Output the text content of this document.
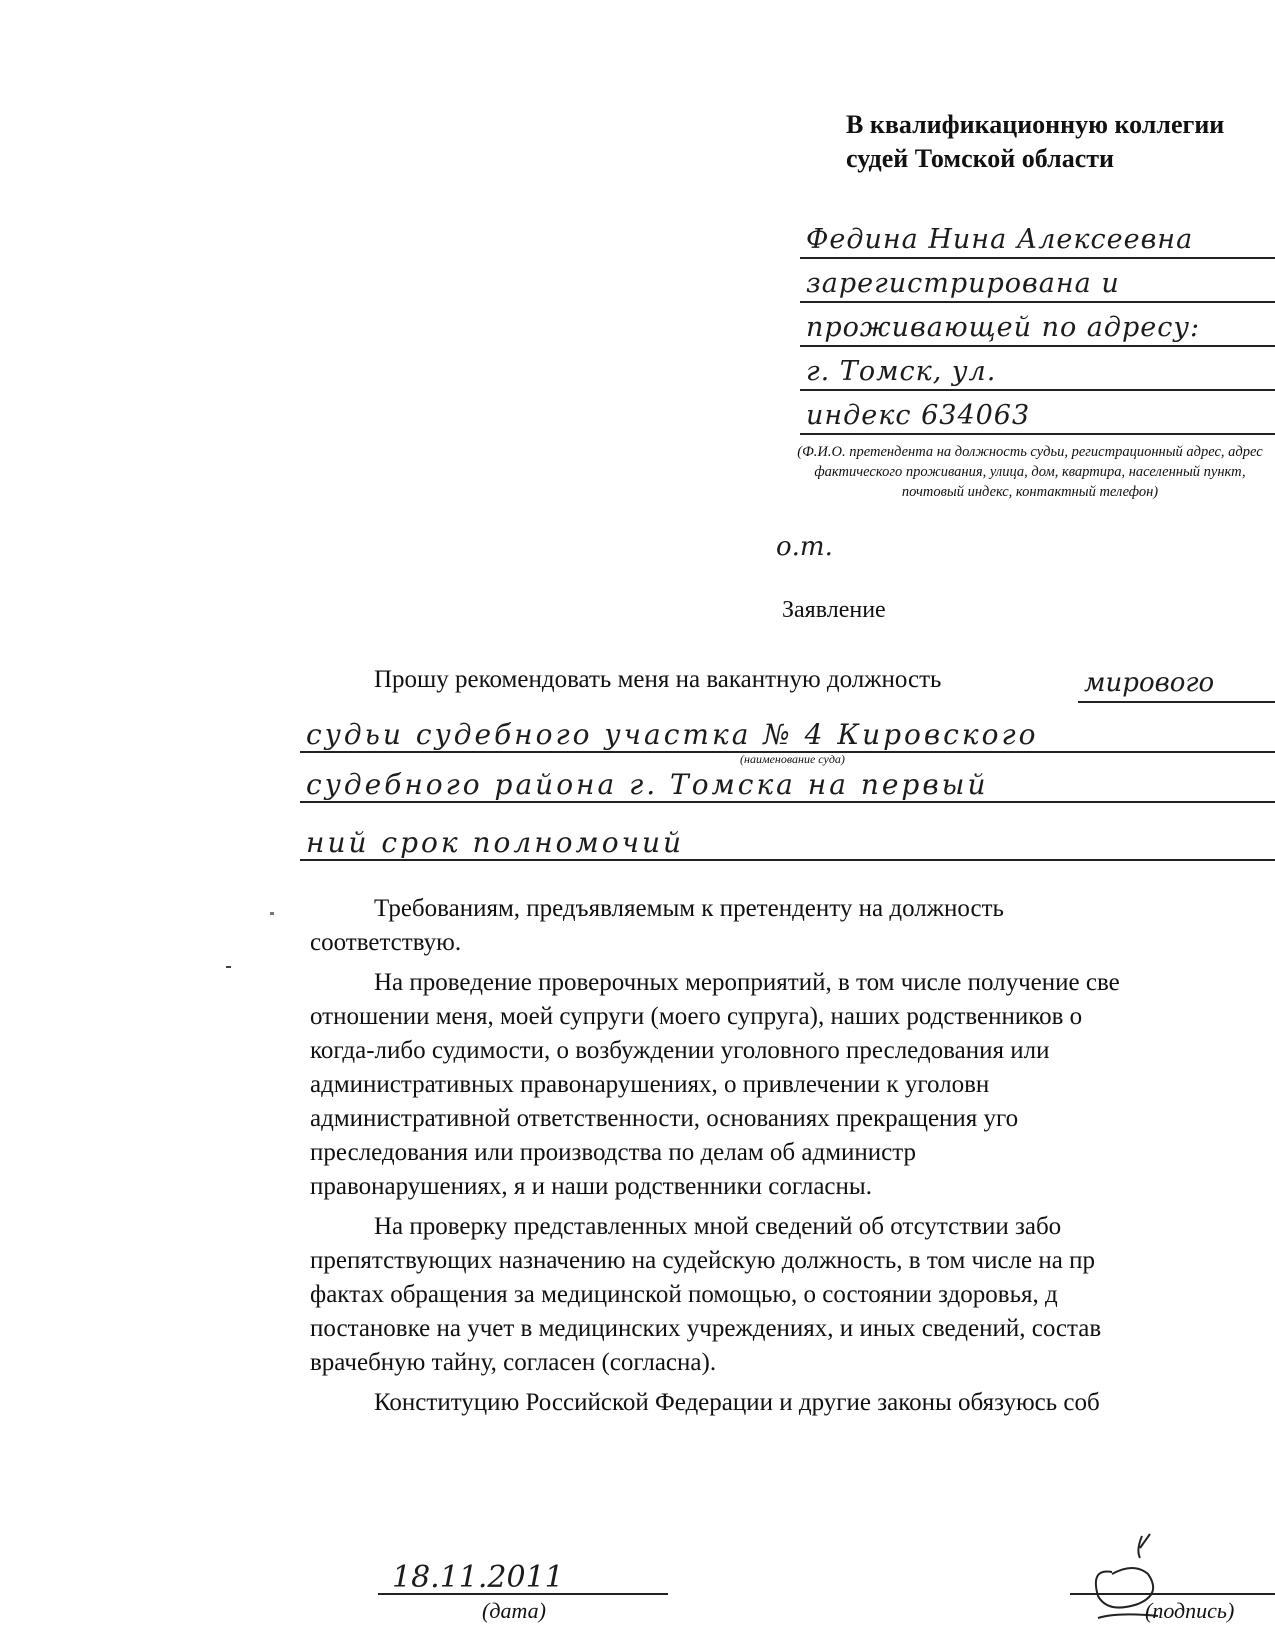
В квалификационную коллегии
судей Томской области
Федина Нина Алексеевна
зарегистрирована и
проживающей по адресу:
г. Томск, ул.
индекс 634063
(Ф.И.О. претендента на должность судьи, регистрационный адрес, адрес фактического проживания, улица, дом, квартира, населенный пункт, почтовый индекс, контактный телефон)
о.т.
Заявление
Прошу рекомендовать меня на вакантную должность	мирового
судьи судебного участка № 4 Кировского
(наименование суда)
судебного района г. Томска на первый
ний срок полномочий
Требованиям, предъявляемым к претенденту на должность
соответствую.
На проведение проверочных мероприятий, в том числе получение све
отношении меня, моей супруги (моего супруга), наших родственников о
когда-либо судимости, о возбуждении уголовного преследования или
административных правонарушениях, о привлечении к уголовн
административной ответственности, основаниях прекращения уго
преследования или производства по делам об администр
правонарушениях, я и наши родственники согласны.
На проверку представленных мной сведений об отсутствии забо
препятствующих назначению на судейскую должность, в том числе на пр
фактах обращения за медицинской помощью, о состоянии здоровья, д
постановке на учет в медицинских учреждениях, и иных сведений, состав
врачебную тайну, согласен (согласна).
Конституцию Российской Федерации и другие законы обязуюсь соб
18.11.2011
(дата)	(подпись)
